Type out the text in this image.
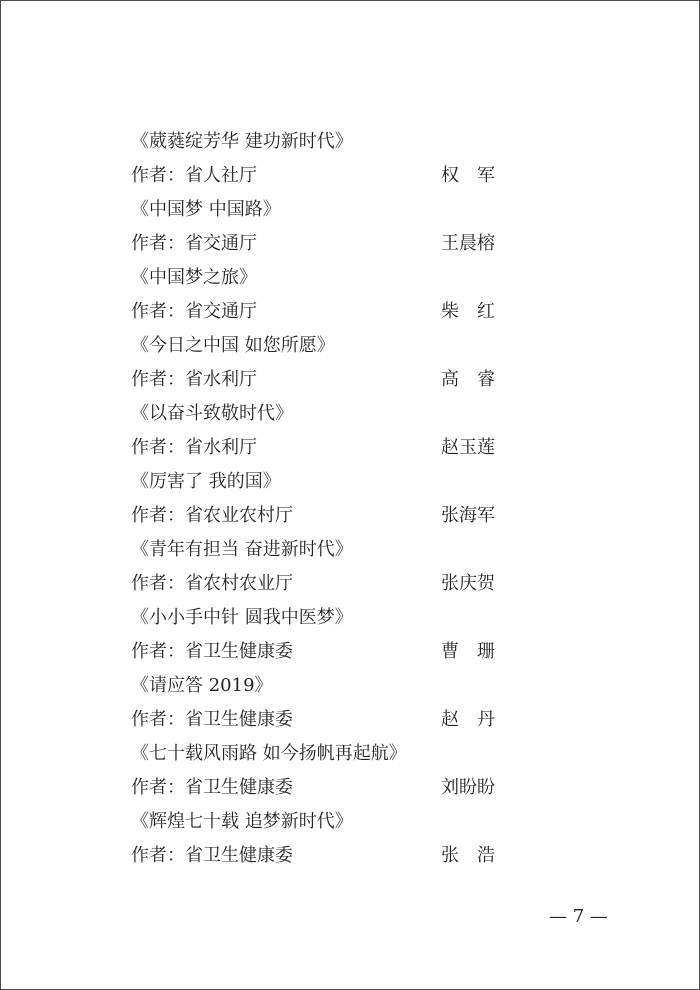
《葳蕤绽芳华 建功新时代》
作者：省人社厅	权军
《中国梦 中国路》
作者：省交通厅	王晨榕
《中国梦之旅》
作者：省交通厅	柴红
《今日之中国 如您所愿》
作者：省水利厅	高睿
《以奋斗致敬时代》
作者：省水利厅	赵玉莲
《厉害了 我的国》
作者：省农业农村厅	张海军
《青年有担当 奋进新时代》
作者：省农村农业厅	张庆贺
《小小手中针 圆我中医梦》
作者：省卫生健康委	曹珊
《请应答 2019》
作者：省卫生健康委	赵丹
《七十载风雨路 如今扬帆再起航》
作者：省卫生健康委	刘盼盼
《辉煌七十载 追梦新时代》
作者：省卫生健康委	张浩
— 7 —
